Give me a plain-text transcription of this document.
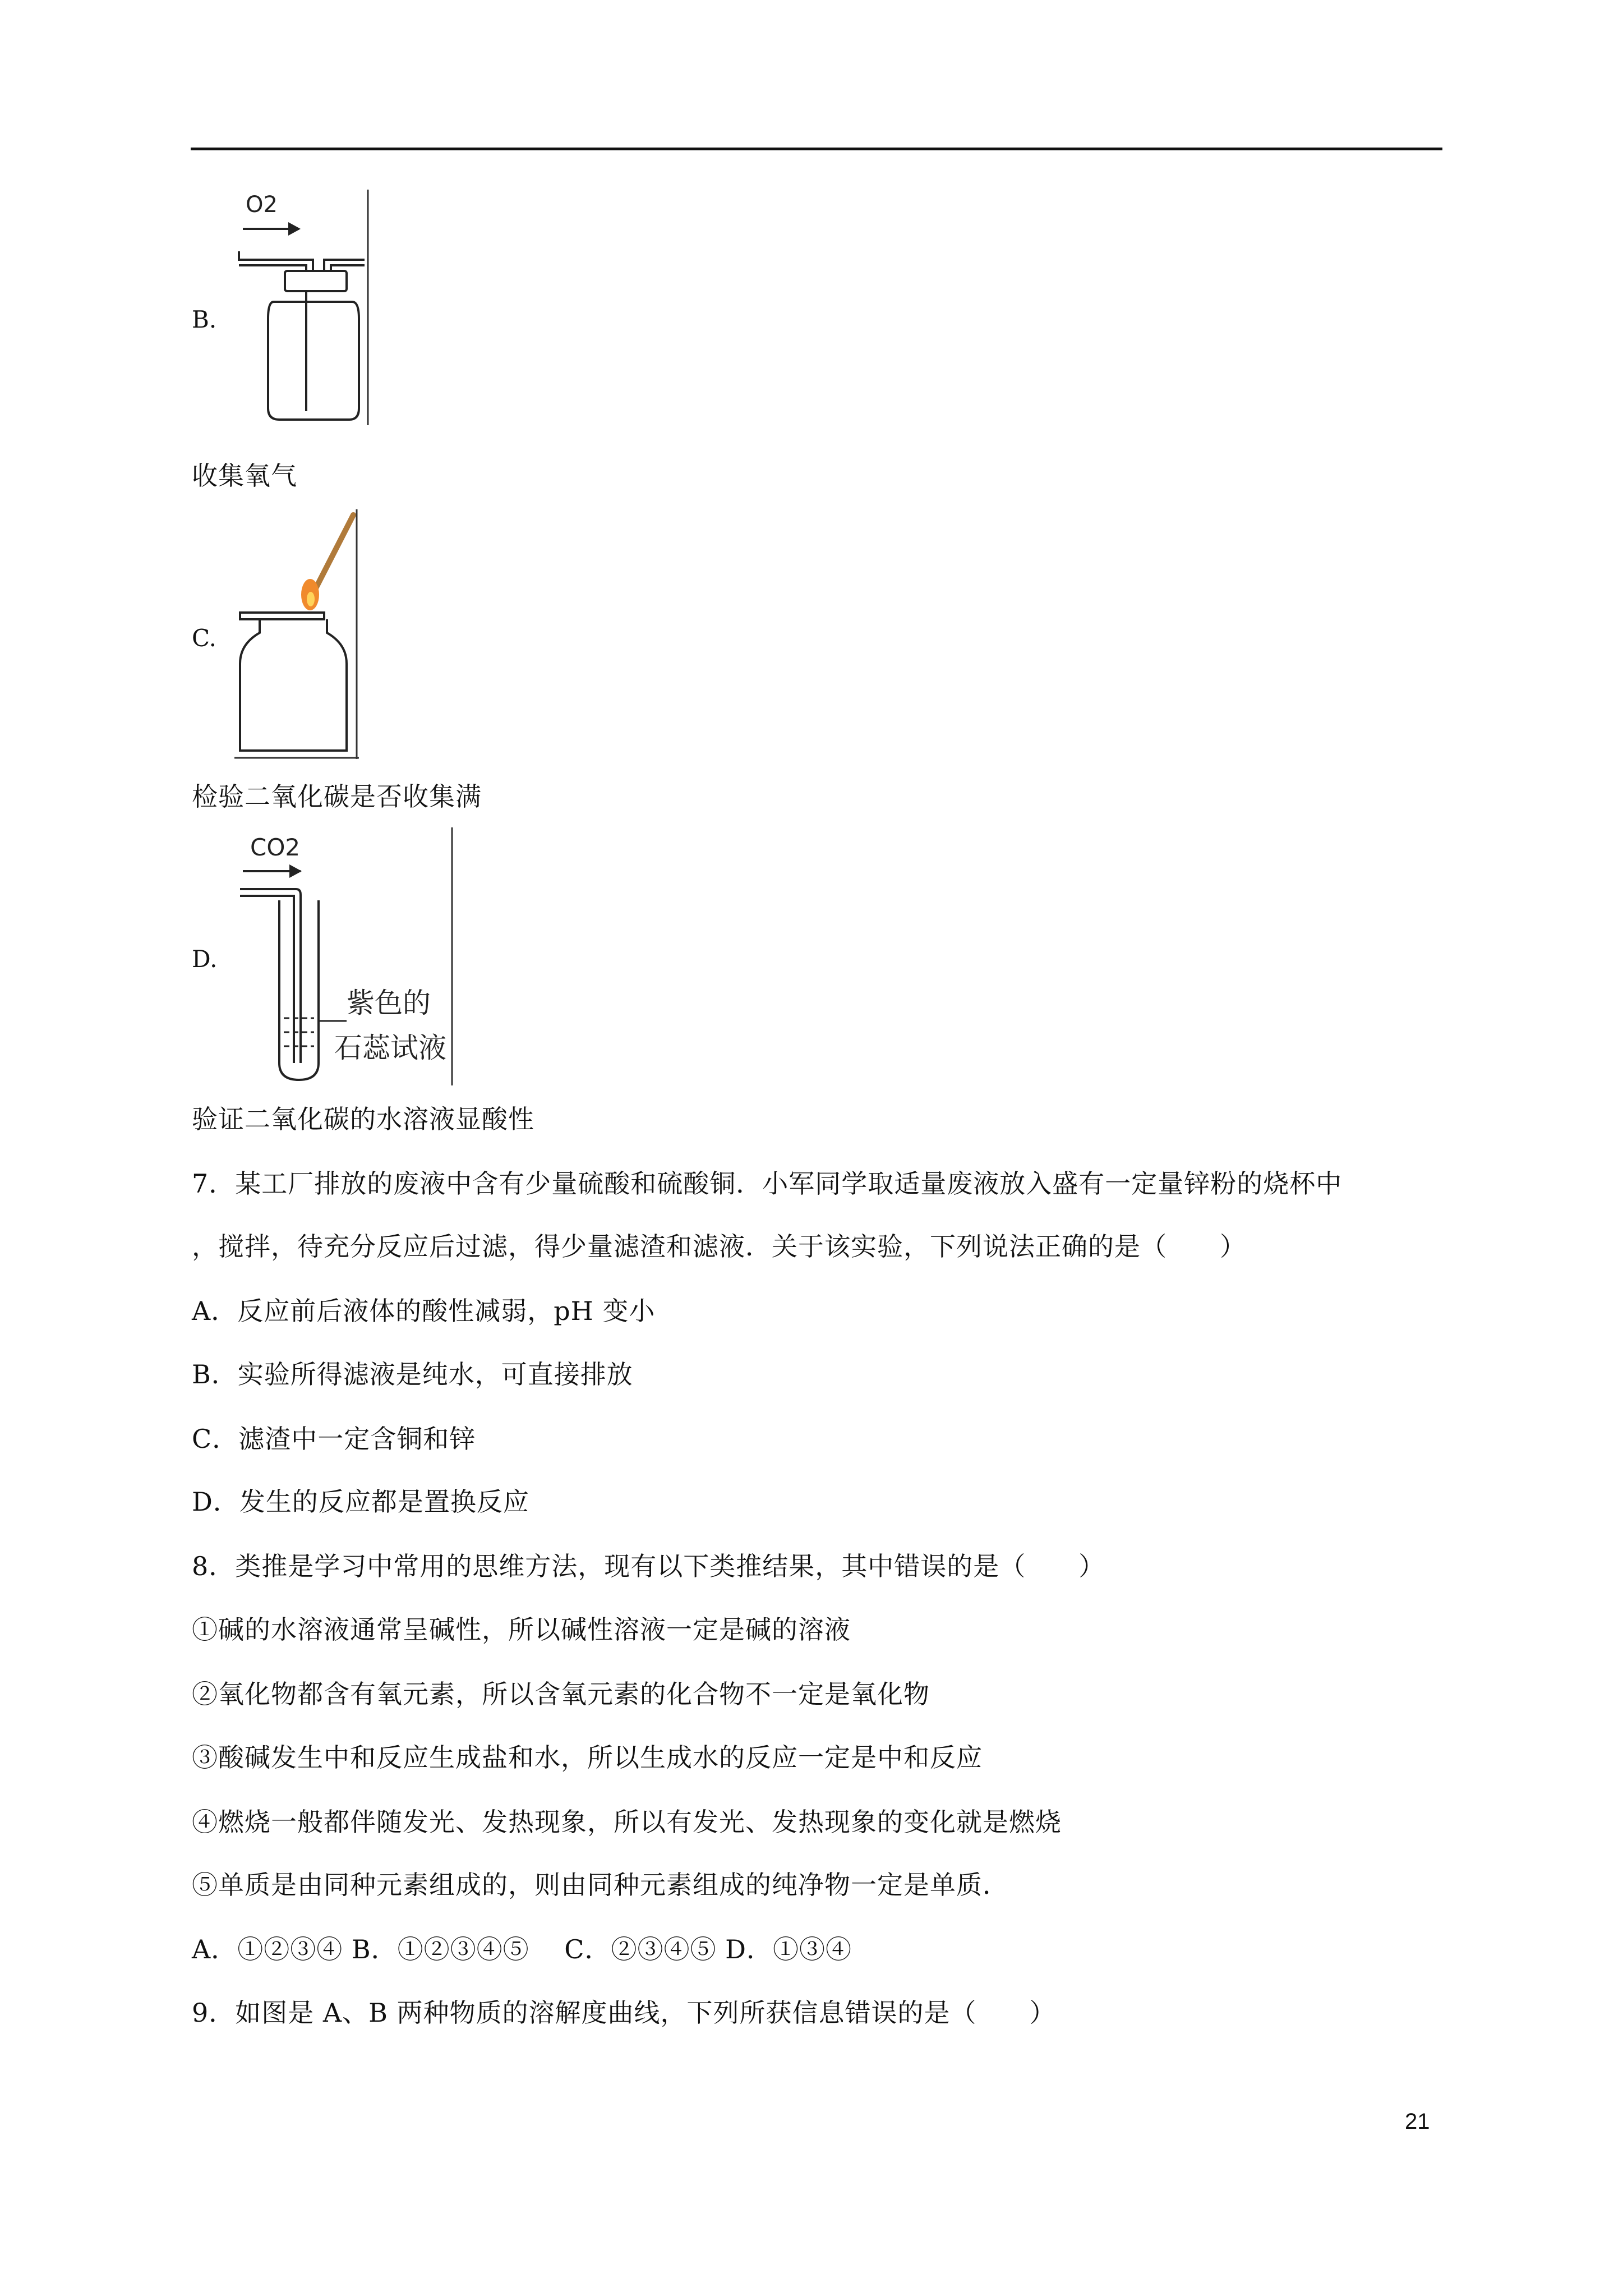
B.
O2
收集氧气
C.
检验二氧化碳是否收集满
D.
CO2
紫色的
石蕊试液
验证二氧化碳的水溶液显酸性
7．某工厂排放的废液中含有少量硫酸和硫酸铜．小军同学取适量废液放入盛有一定量锌粉的烧杯中
，搅拌，待充分反应后过滤，得少量滤渣和滤液．关于该实验，下列说法正确的是（　　）
A．反应前后液体的酸性减弱，pH 变小
B．实验所得滤液是纯水，可直接排放
C．滤渣中一定含铜和锌
D．发生的反应都是置换反应
8．类推是学习中常用的思维方法，现有以下类推结果，其中错误的是（　　）
①碱的水溶液通常呈碱性，所以碱性溶液一定是碱的溶液
②氧化物都含有氧元素，所以含氧元素的化合物不一定是氧化物
③酸碱发生中和反应生成盐和水，所以生成水的反应一定是中和反应
④燃烧一般都伴随发光、发热现象，所以有发光、发热现象的变化就是燃烧
⑤单质是由同种元素组成的，则由同种元素组成的纯净物一定是单质．
A．①②③④ B．①②③④⑤　 C．②③④⑤ D．①③④
9．如图是 A、B 两种物质的溶解度曲线，下列所获信息错误的是（　　）
21
